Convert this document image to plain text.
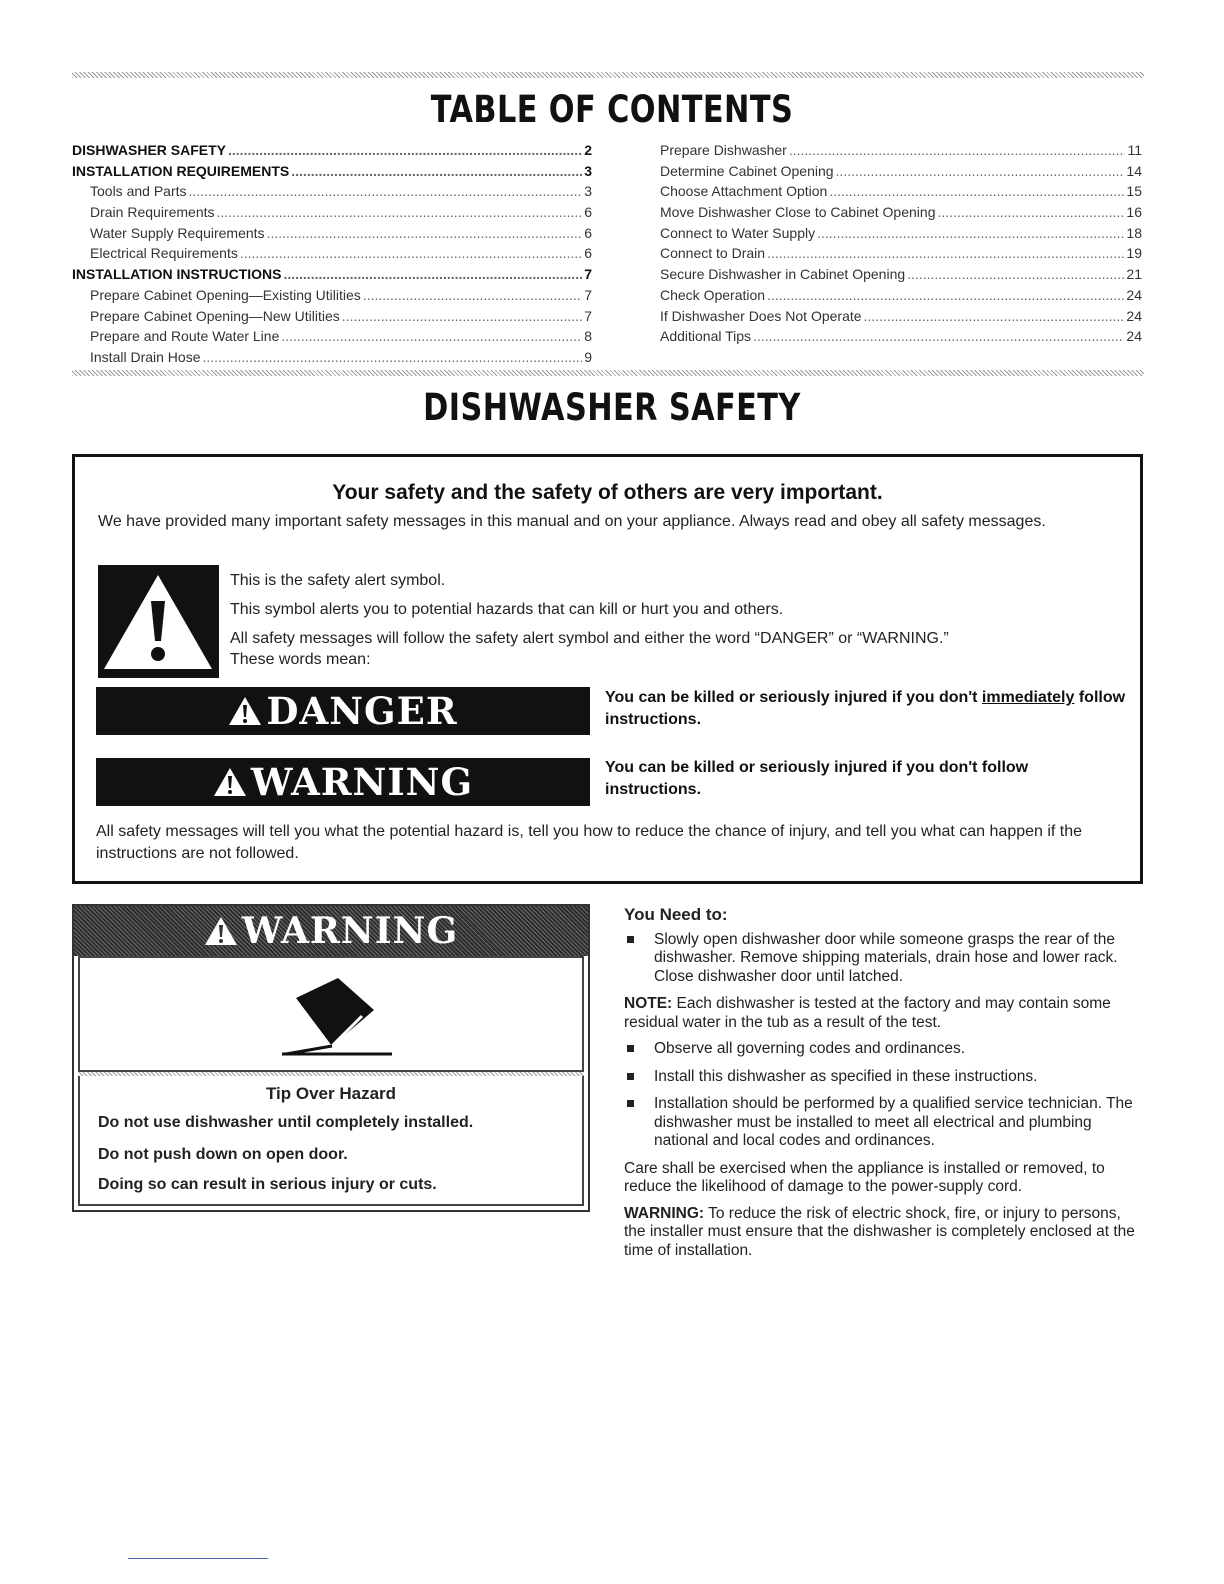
TABLE OF CONTENTS
DISHWASHER SAFETY .....	2
INSTALLATION REQUIREMENTS .....	3
Tools and Parts .....	3
Drain Requirements .....	6
Water Supply Requirements .....	6
Electrical Requirements .....	6
INSTALLATION INSTRUCTIONS .....	7
Prepare Cabinet Opening—Existing Utilities .....	7
Prepare Cabinet Opening—New Utilities .....	7
Prepare and Route Water Line .....	8
Install Drain Hose .....	9
Prepare Dishwasher .....	11
Determine Cabinet Opening .....	14
Choose Attachment Option .....	15
Move Dishwasher Close to Cabinet Opening .....	16
Connect to Water Supply .....	18
Connect to Drain .....	19
Secure Dishwasher in Cabinet Opening .....	21
Check Operation .....	24
If Dishwasher Does Not Operate .....	24
Additional Tips .....	24
DISHWASHER SAFETY
Your safety and the safety of others are very important.
We have provided many important safety messages in this manual and on your appliance. Always read and obey all safety messages.
This is the safety alert symbol.
This symbol alerts you to potential hazards that can kill or hurt you and others.
All safety messages will follow the safety alert symbol and either the word “DANGER” or “WARNING.”
These words mean:
DANGER	You can be killed or seriously injured if you don't immediately follow instructions.
WARNING	You can be killed or seriously injured if you don't follow instructions.
All safety messages will tell you what the potential hazard is, tell you how to reduce the chance of injury, and tell you what can happen if the instructions are not followed.
WARNING
Tip Over Hazard
Do not use dishwasher until completely installed.
Do not push down on open door.
Doing so can result in serious injury or cuts.
You Need to:
Slowly open dishwasher door while someone grasps the rear of the dishwasher. Remove shipping materials, drain hose and lower rack. Close dishwasher door until latched.
NOTE: Each dishwasher is tested at the factory and may contain some residual water in the tub as a result of the test.
Observe all governing codes and ordinances.
Install this dishwasher as specified in these instructions.
Installation should be performed by a qualified service technician. The dishwasher must be installed to meet all electrical and plumbing national and local codes and ordinances.
Care shall be exercised when the appliance is installed or removed, to reduce the likelihood of damage to the power-supply cord.
WARNING: To reduce the risk of electric shock, fire, or injury to persons, the installer must ensure that the dishwasher is completely enclosed at the time of installation.
